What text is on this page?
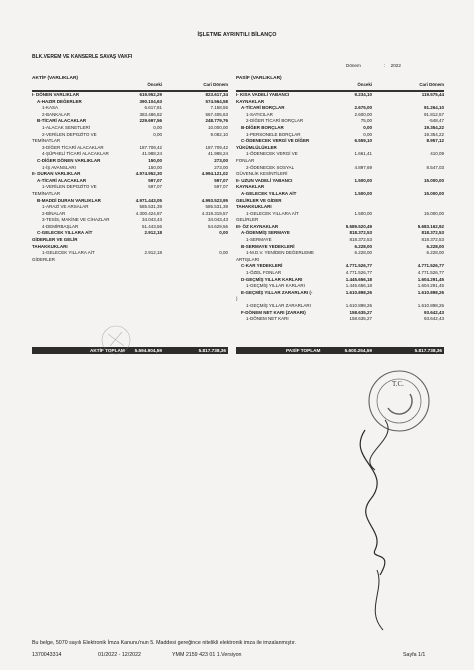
İŞLETME AYRINTILI BİLANÇO
BLK.VEREM VE KANSERLE SAVAŞ VAKFI
Dönem	: 2022
AKTİF (VARLIKLAR)
Önceki	Cari Dönem
I- DÖNEN VARLIKLAR	619.952,29	823.617,34
A-HAZIR DEĞERLER	390.104,63	574.564,58
1-KASA	6.617,81	7.158,55
2-BANKALAR	383.486,82	567.405,63
B-TİCARİ ALACAKLAR	229.697,56	248.779,76
1-ALACAK SENETLERİ	0,00	10.000,00
2-VERİLEN DEPOZİTO VE	0,00	9.082,10
TEMİNATLAR
3-DİĞER TİCARİ ALACAKLAR	187.709,42	187.709,42
4-ŞÜPHELİ TİCARİ ALACAKLAR	41.988,24	41.988,24
C-DİĞER DÖNEN VARLIKLAR	150,00	273,00
1-İŞ AVANSLARI	150,00	273,00
II- DURAN VARLIKLAR	4.974.952,30	4.994.121,02
A-TİCARİ ALACAKLAR	597,07	597,07
1-VERİLEN DEPOZİTO VE	597,07	597,07
TEMİNATLAR
B-MADDİ DURAN VARLIKLAR	4.971.443,05	4.993.523,95
1-ARAZİ VE ARSALAR	585.531,39	585.531,39
2-BİNALAR	4.300.424,87	4.319.319,57
3-TESİS, MAKİNE VE CİHAZLAR	34.043,43	34.043,43
4-DEMİRBAŞLAR	51.443,56	54.629,56
C-GELECEK YILLARA AİT	2.912,18	0,00
GİDERLER VE GELİR
TAHAKKUKLARI
1-GELECEK YILLARA AİT	2.912,18	0,00
GİDERLER
PASİF (VARLIKLAR)
Önceki	Cari Dönem
I- KISA VADELİ YABANCI	9.234,10	119.575,44
KAYNAKLAR
A-TİCARİ BORÇLAR	2.675,00	91.264,10
1-SATICILAR	2.600,00	91.812,57
2-DİĞER TİCARİ BORÇLAR	75,00	-548,47
B-DİĞER BORÇLAR	0,00	19.354,22
1-PERSONELE BORÇLAR	0,00	19.354,22
C-ÖDENECEK VERGİ VE DİĞER	6.559,10	8.957,12
YÜKÜMLÜLÜKLER
1-ÖDENECEK VERGİ VE	1.661,41	410,09
FONLAR
2-ÖDENECEK SOSYAL	4.897,69	8.547,03
GÜVENLİK KESİNTİLERİ
II- UZUN VADELİ YABANCI	1.500,00	15.000,00
KAYNAKLAR
A-GELECEK YILLARA AİT	1.500,00	15.000,00
GELİRLER VE GİDER
TAHAKKUKLARI
1-GELECEK YILLARA AİT	1.500,00	15.000,00
GELİRLER
III- ÖZ KAYNAKLAR	5.589.520,49	5.683.162,92
A-ÖDENMİŞ SERMAYE	818.372,53	818.372,53
1-SERMAYE	818.372,53	818.372,53
B-SERMAYE YEDEKLERİ	6.228,00	6.228,00
1-M.D.V. YENİDEN DEĞERLEME	6.228,00	6.228,00
ARTIŞLARI
C-KAR YEDEKLERİ	4.771.526,77	4.771.526,77
1-ÖZEL FONLAR	4.771.526,77	4.771.526,77
D-GEÇMİŞ YILLAR KARLARI	1.445.656,18	1.604.291,45
1-GEÇMİŞ YILLAR KARLARI	1.445.656,18	1.604.291,45
E-GEÇMİŞ YILLAR ZARARLARI (-	1.610.898,26	1.610.898,26
)
1-GEÇMİŞ YILLAR ZARARLARI	1.610.898,26	1.610.898,26
F-DÖNEM NET KARI (ZARARI)	158.635,27	93.642,43
1-DÖNEM NET KARI	158.635,27	93.642,43
AKTİF TOPLAM 5.594.904,59	5.817.738,36	PASİF TOPLAM	5.600.254,59	5.817.738,36
T.C.
Bu belge, 5070 sayılı Elektronik İmza Kanunu'nun 5. Maddesi gereğince nitelikli elektronik imza ile imzalanmıştır.
1370043314	01/2022 - 12/2022	YMM 2159 423 01 1.Versiyon	Sayfa 1/1
